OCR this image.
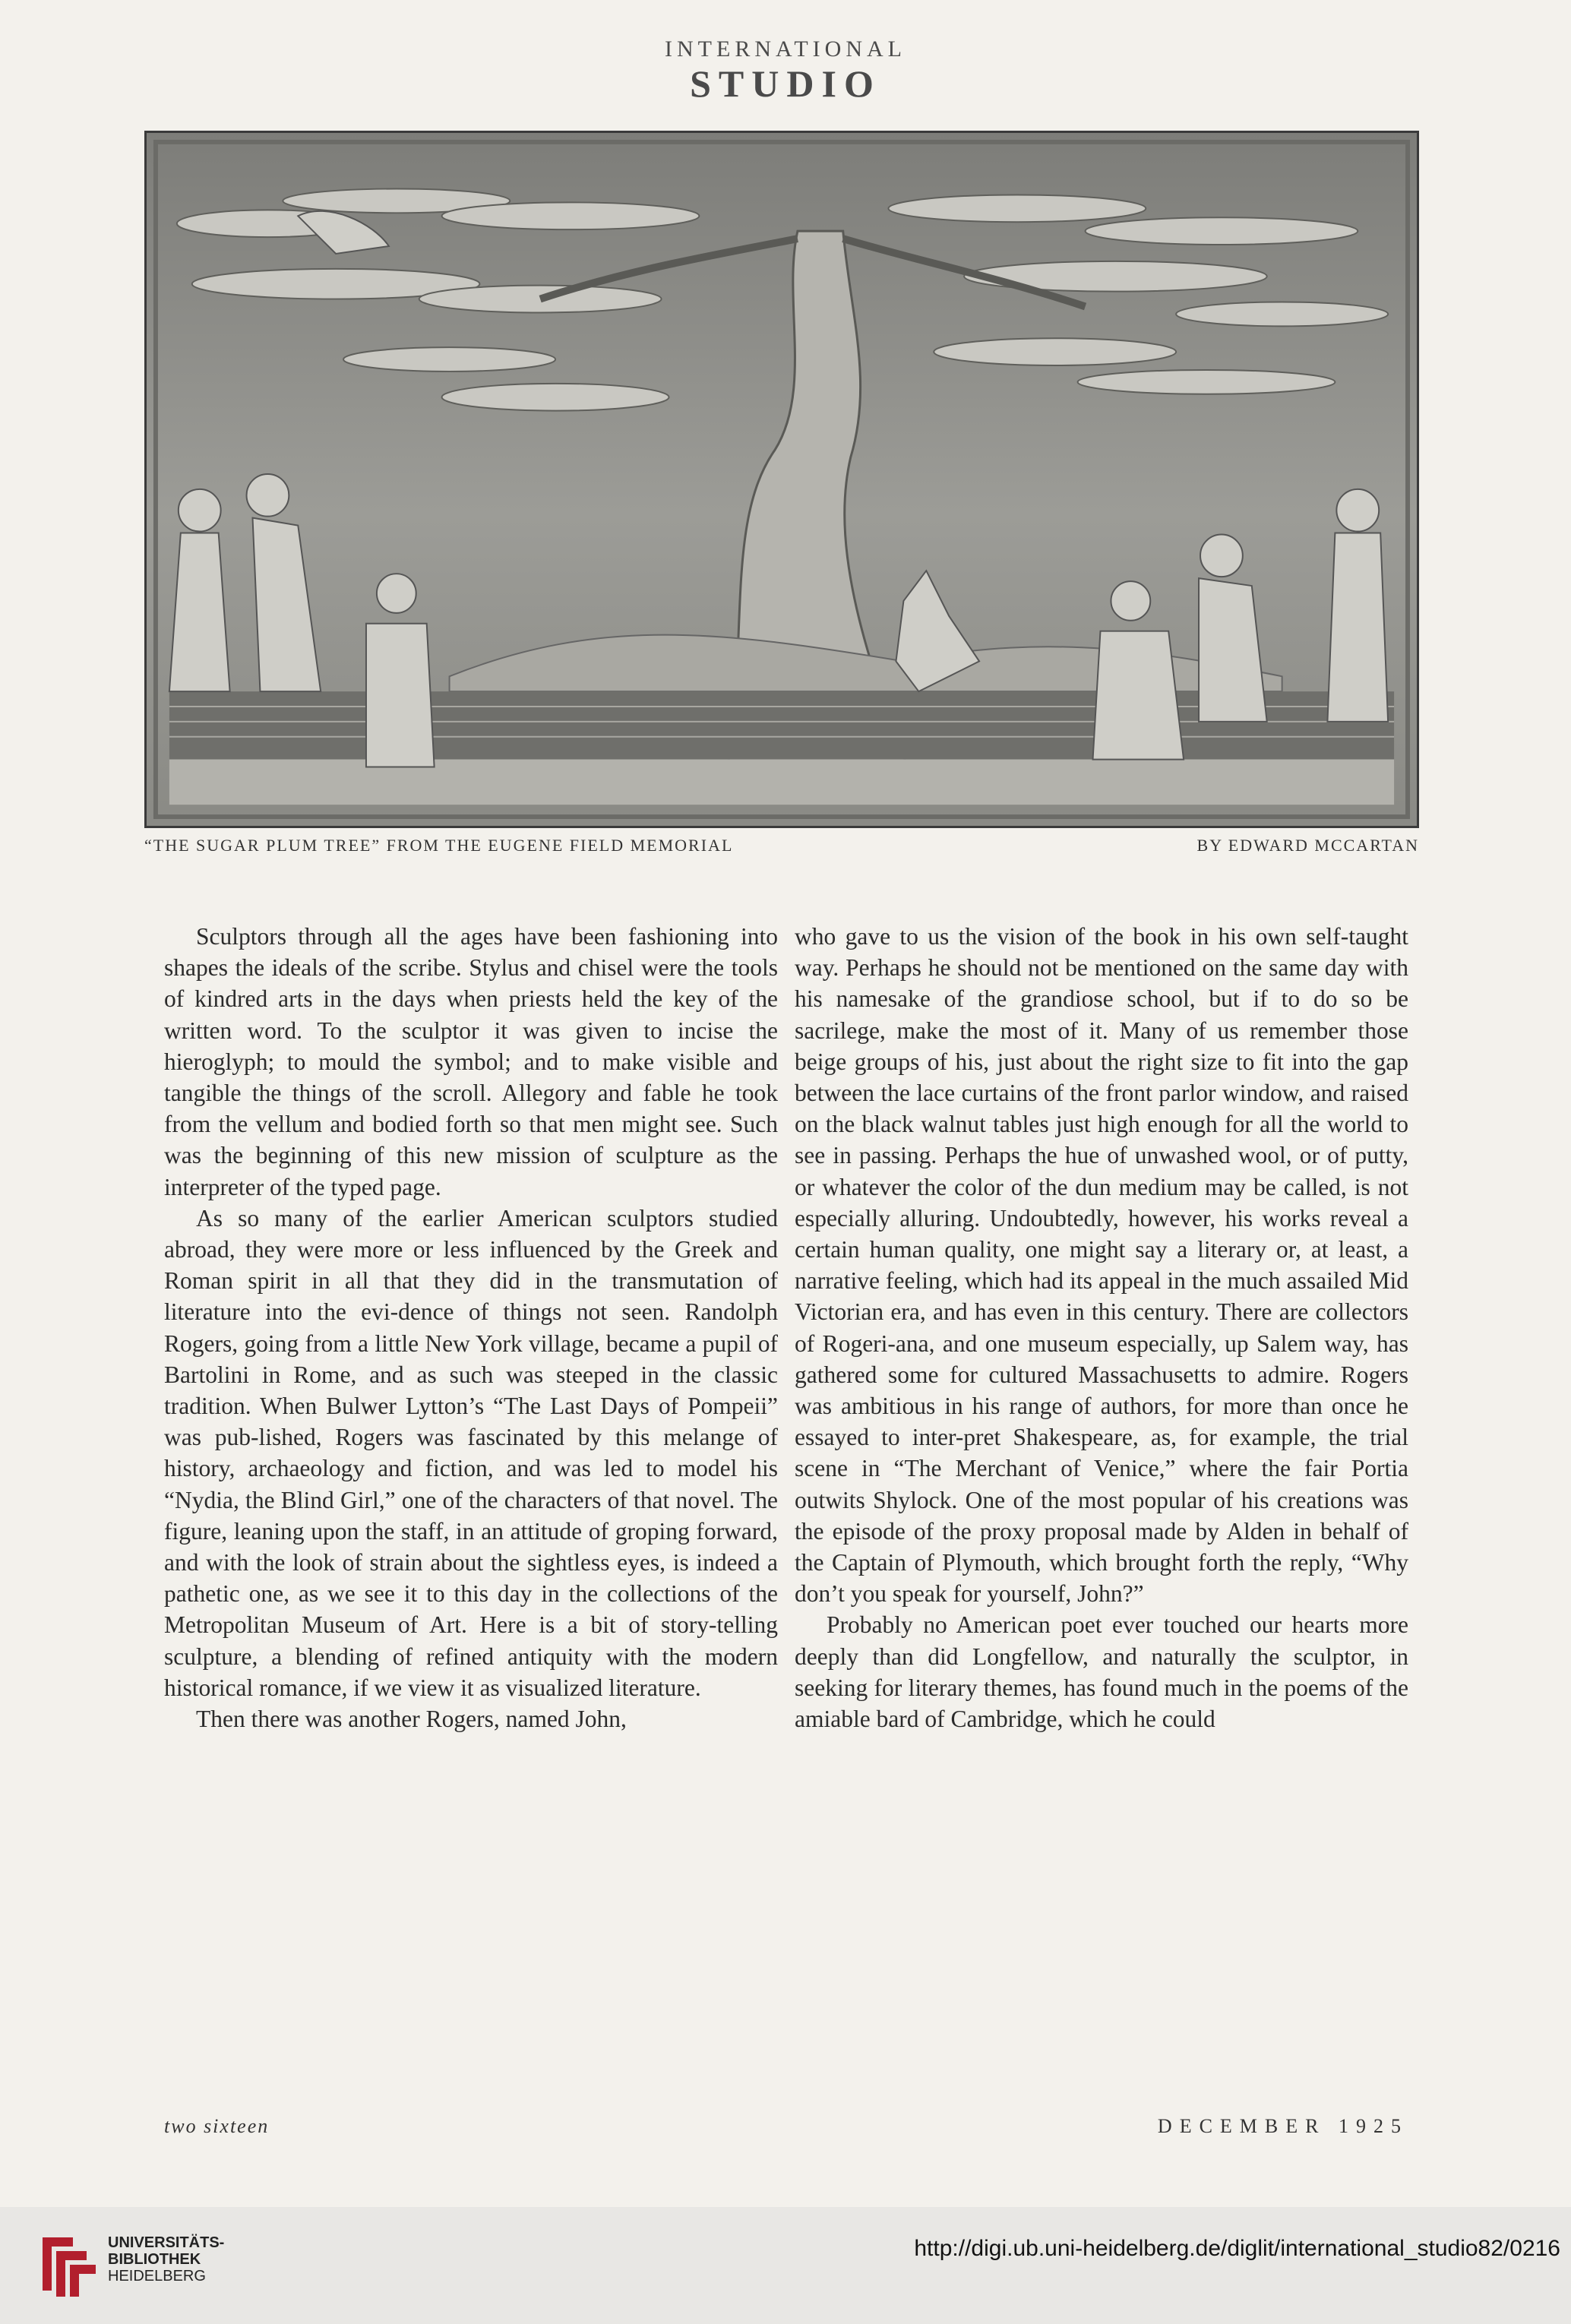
INTERNATIONAL
STUDIO
“THE SUGAR PLUM TREE” FROM THE EUGENE FIELD MEMORIAL	BY EDWARD MCCARTAN

Sculptors through all the ages have been fashioning into shapes the ideals of the scribe. Stylus and chisel were the tools of kindred arts in the days when priests held the key of the written word. To the sculptor it was given to incise the hieroglyph; to mould the symbol; and to make visible and tangible the things of the scroll. Allegory and fable he took from the vellum and bodied forth so that men might see. Such was the beginning of this new mission of sculpture as the interpreter of the typed page.

As so many of the earlier American sculptors studied abroad, they were more or less influenced by the Greek and Roman spirit in all that they did in the transmutation of literature into the evi-dence of things not seen. Randolph Rogers, going from a little New York village, became a pupil of Bartolini in Rome, and as such was steeped in the classic tradition. When Bulwer Lytton’s “The Last Days of Pompeii” was pub-lished, Rogers was fascinated by this melange of history, archaeology and fiction, and was led to model his “Nydia, the Blind Girl,” one of the characters of that novel. The figure, leaning upon the staff, in an attitude of groping forward, and with the look of strain about the sightless eyes, is indeed a pathetic one, as we see it to this day in the collections of the Metropolitan Museum of Art. Here is a bit of story-telling sculpture, a blending of refined antiquity with the modern historical romance, if we view it as visualized literature.

Then there was another Rogers, named John,

who gave to us the vision of the book in his own self-taught way. Perhaps he should not be mentioned on the same day with his namesake of the grandiose school, but if to do so be sacrilege, make the most of it. Many of us remember those beige groups of his, just about the right size to fit into the gap between the lace curtains of the front parlor window, and raised on the black walnut tables just high enough for all the world to see in passing. Perhaps the hue of unwashed wool, or of putty, or whatever the color of the dun medium may be called, is not especially alluring. Undoubtedly, however, his works reveal a certain human quality, one might say a literary or, at least, a narrative feeling, which had its appeal in the much assailed Mid Victorian era, and has even in this century. There are collectors of Rogeri-ana, and one museum especially, up Salem way, has gathered some for cultured Massachusetts to admire. Rogers was ambitious in his range of authors, for more than once he essayed to inter-pret Shakespeare, as, for example, the trial scene in “The Merchant of Venice,” where the fair Portia outwits Shylock. One of the most popular of his creations was the episode of the proxy proposal made by Alden in behalf of the Captain of Plymouth, which brought forth the reply, “Why don’t you speak for yourself, John?”

Probably no American poet ever touched our hearts more deeply than did Longfellow, and naturally the sculptor, in seeking for literary themes, has found much in the poems of the amiable bard of Cambridge, which he could

two sixteen	DECEMBER 1925
UNIVERSITÄTS-
BIBLIOTHEK
HEIDELBERG
http://digi.ub.uni-heidelberg.de/diglit/international_studio82/0216
